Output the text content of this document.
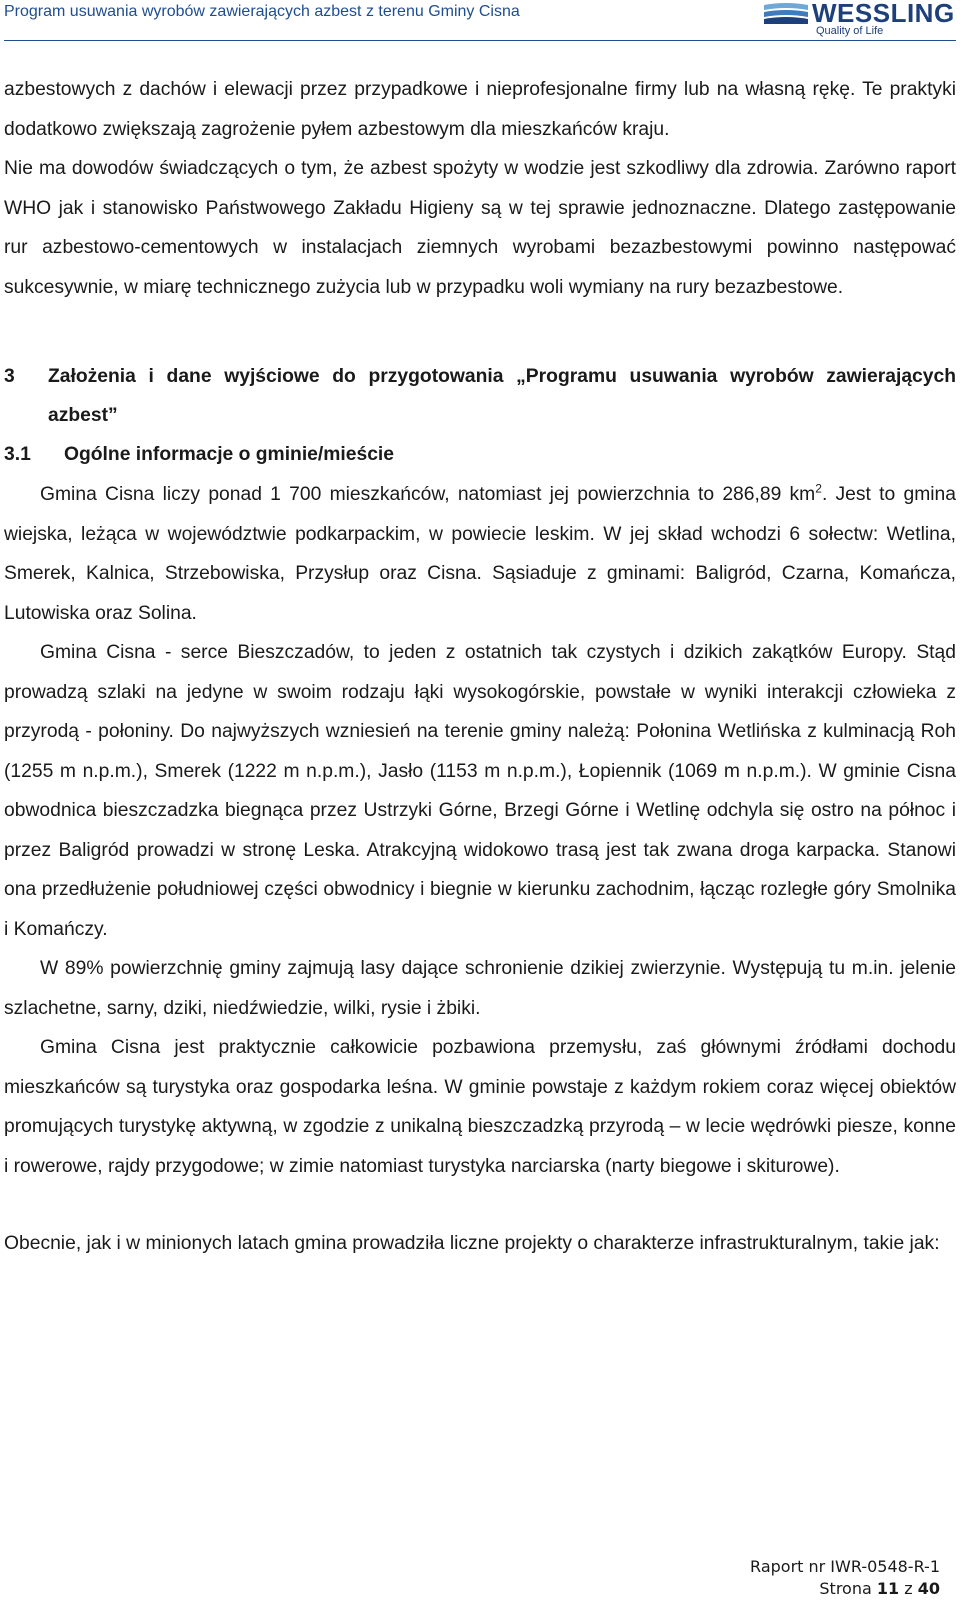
Program usuwania wyrobów zawierających azbest z terenu Gminy Cisna	WESSLING
Quality of Life

azbestowych z dachów i elewacji przez przypadkowe i nieprofesjonalne firmy lub na własną rękę. Te praktyki dodatkowo zwiększają zagrożenie pyłem azbestowym dla mieszkańców kraju.

Nie ma dowodów świadczących o tym, że azbest spożyty w wodzie jest szkodliwy dla zdrowia. Zarówno raport WHO jak i stanowisko Państwowego Zakładu Higieny są w tej sprawie jednoznaczne. Dlatego zastępowanie rur azbestowo-cementowych w instalacjach ziemnych wyrobami bezazbestowymi powinno następować sukcesywnie, w miarę technicznego zużycia lub w przypadku woli wymiany na rury bezazbestowe.

3	Założenia i dane wyjściowe do przygotowania „Programu usuwania wyrobów zawierających azbest”
3.1	Ogólne informacje o gminie/mieście

Gmina Cisna liczy ponad 1 700 mieszkańców, natomiast jej powierzchnia to 286,89 $km^2$. Jest to gmina wiejska, leżąca w województwie podkarpackim, w powiecie leskim. W jej skład wchodzi 6 sołectw: Wetlina, Smerek, Kalnica, Strzebowiska, Przysłup oraz Cisna. Sąsiaduje z gminami: Baligród, Czarna, Komańcza, Lutowiska oraz Solina.

Gmina Cisna - serce Bieszczadów, to jeden z ostatnich tak czystych i dzikich zakątków Europy. Stąd prowadzą szlaki na jedyne w swoim rodzaju łąki wysokogórskie, powstałe w wyniki interakcji człowieka z przyrodą - połoniny. Do najwyższych wzniesień na terenie gminy należą: Połonina Wetlińska z kulminacją Roh (1255 m n.p.m.), Smerek (1222 m n.p.m.), Jasło (1153 m n.p.m.), Łopiennik (1069 m n.p.m.). W gminie Cisna obwodnica bieszczadzka biegnąca przez Ustrzyki Górne, Brzegi Górne i Wetlinę odchyla się ostro na północ i przez Baligród prowadzi w stronę Leska. Atrakcyjną widokowo trasą jest tak zwana droga karpacka. Stanowi ona przedłużenie południowej części obwodnicy i biegnie w kierunku zachodnim, łącząc rozległe góry Smolnika i Komańczy.

W 89% powierzchnię gminy zajmują lasy dające schronienie dzikiej zwierzynie. Występują tu m.in. jelenie szlachetne, sarny, dziki, niedźwiedzie, wilki, rysie i żbiki.

Gmina Cisna jest praktycznie całkowicie pozbawiona przemysłu, zaś głównymi źródłami dochodu mieszkańców są turystyka oraz gospodarka leśna. W gminie powstaje z każdym rokiem coraz więcej obiektów promujących turystykę aktywną, w zgodzie z unikalną bieszczadzką przyrodą – w lecie wędrówki piesze, konne i rowerowe, rajdy przygodowe; w zimie natomiast turystyka narciarska (narty biegowe i skiturowe).

Obecnie, jak i w minionych latach gmina prowadziła liczne projekty o charakterze infrastrukturalnym, takie jak:

Raport nr IWR-0548-R-1
Strona 11 z 40
